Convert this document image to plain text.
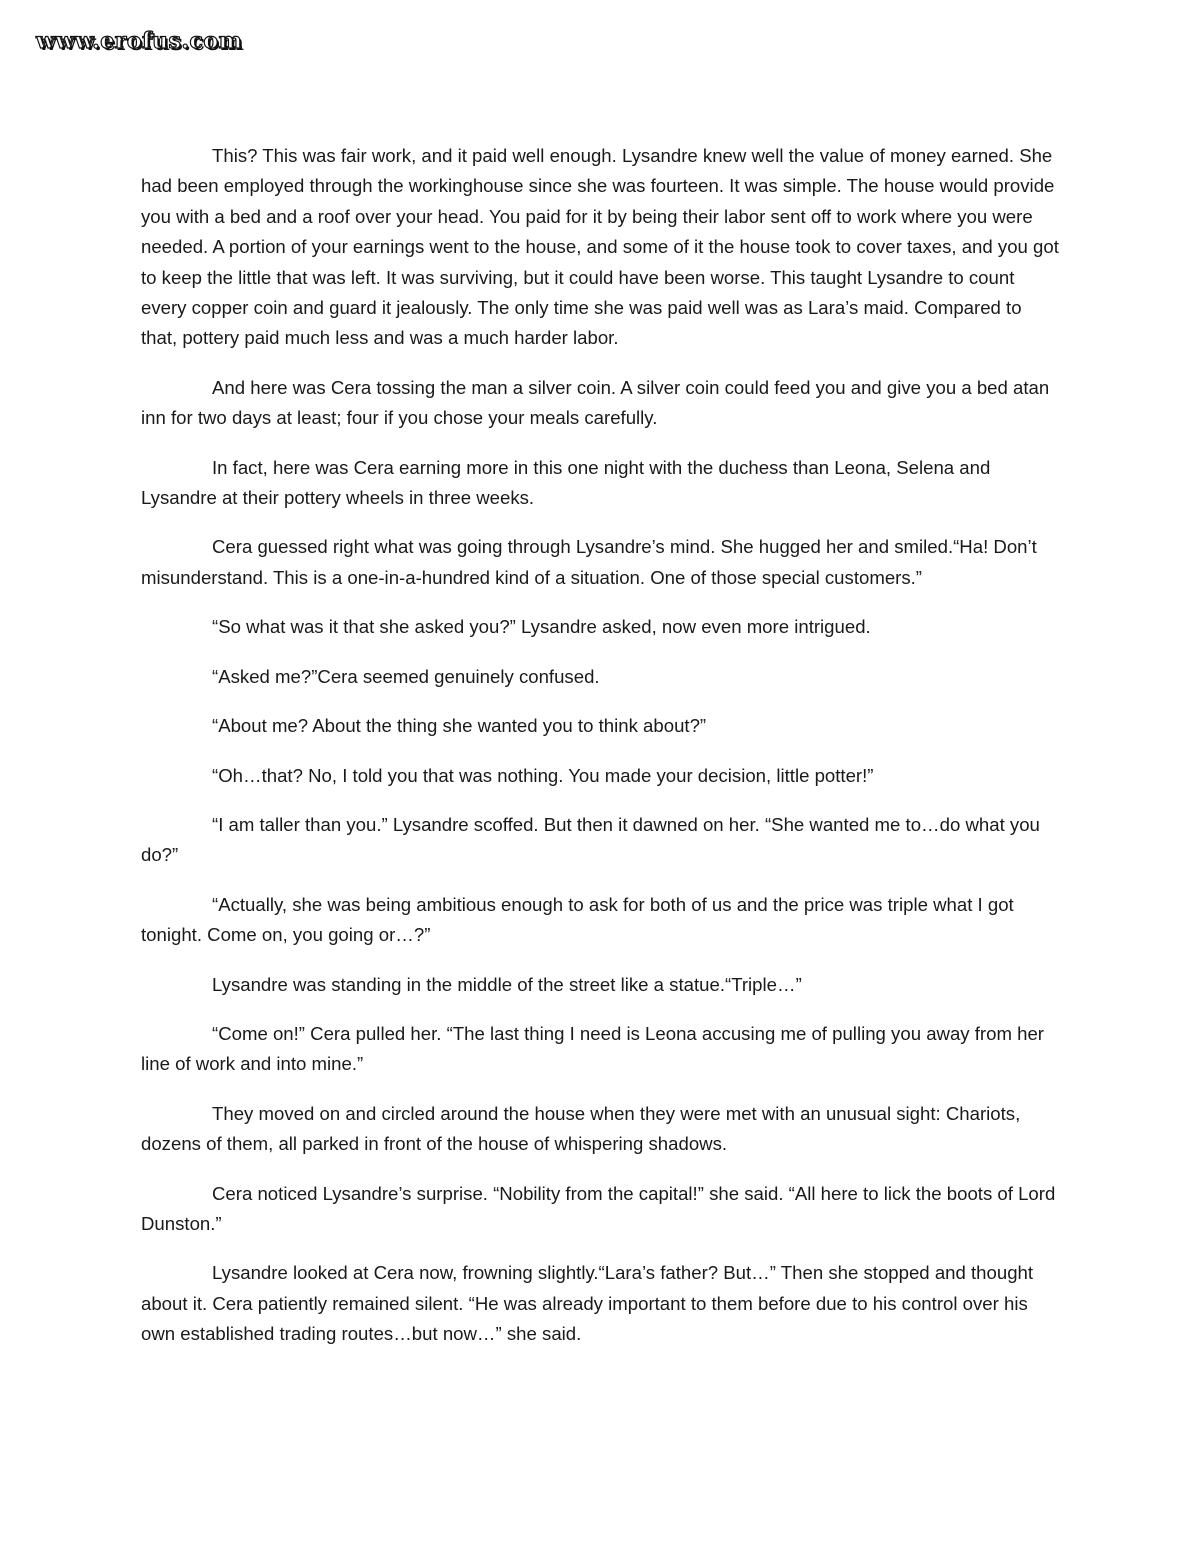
www.erofus.com

This? This was fair work, and it paid well enough. Lysandre knew well the value of money earned. She had been employed through the workinghouse since she was fourteen. It was simple. The house would provide you with a bed and a roof over your head. You paid for it by being their labor sent off to work where you were needed. A portion of your earnings went to the house, and some of it the house took to cover taxes, and you got to keep the little that was left. It was surviving, but it could have been worse. This taught Lysandre to count every copper coin and guard it jealously. The only time she was paid well was as Lara’s maid. Compared to that, pottery paid much less and was a much harder labor.

And here was Cera tossing the man a silver coin. A silver coin could feed you and give you a bed atan inn for two days at least; four if you chose your meals carefully.

In fact, here was Cera earning more in this one night with the duchess than Leona, Selena and Lysandre at their pottery wheels in three weeks.

Cera guessed right what was going through Lysandre’s mind. She hugged her and smiled.“Ha! Don’t misunderstand. This is a one-in-a-hundred kind of a situation. One of those special customers.”

“So what was it that she asked you?” Lysandre asked, now even more intrigued.

“Asked me?”Cera seemed genuinely confused.

“About me? About the thing she wanted you to think about?”

“Oh…that? No, I told you that was nothing. You made your decision, little potter!”

“I am taller than you.” Lysandre scoffed. But then it dawned on her. “She wanted me to…do what you do?”

“Actually, she was being ambitious enough to ask for both of us and the price was triple what I got tonight. Come on, you going or…?”

Lysandre was standing in the middle of the street like a statue.“Triple…”

“Come on!” Cera pulled her. “The last thing I need is Leona accusing me of pulling you away from her line of work and into mine.”

They moved on and circled around the house when they were met with an unusual sight: Chariots, dozens of them, all parked in front of the house of whispering shadows.

Cera noticed Lysandre’s surprise. “Nobility from the capital!” she said. “All here to lick the boots of Lord Dunston.”

Lysandre looked at Cera now, frowning slightly.“Lara’s father? But…” Then she stopped and thought about it. Cera patiently remained silent. “He was already important to them before due to his control over his own established trading routes…but now…” she said.
